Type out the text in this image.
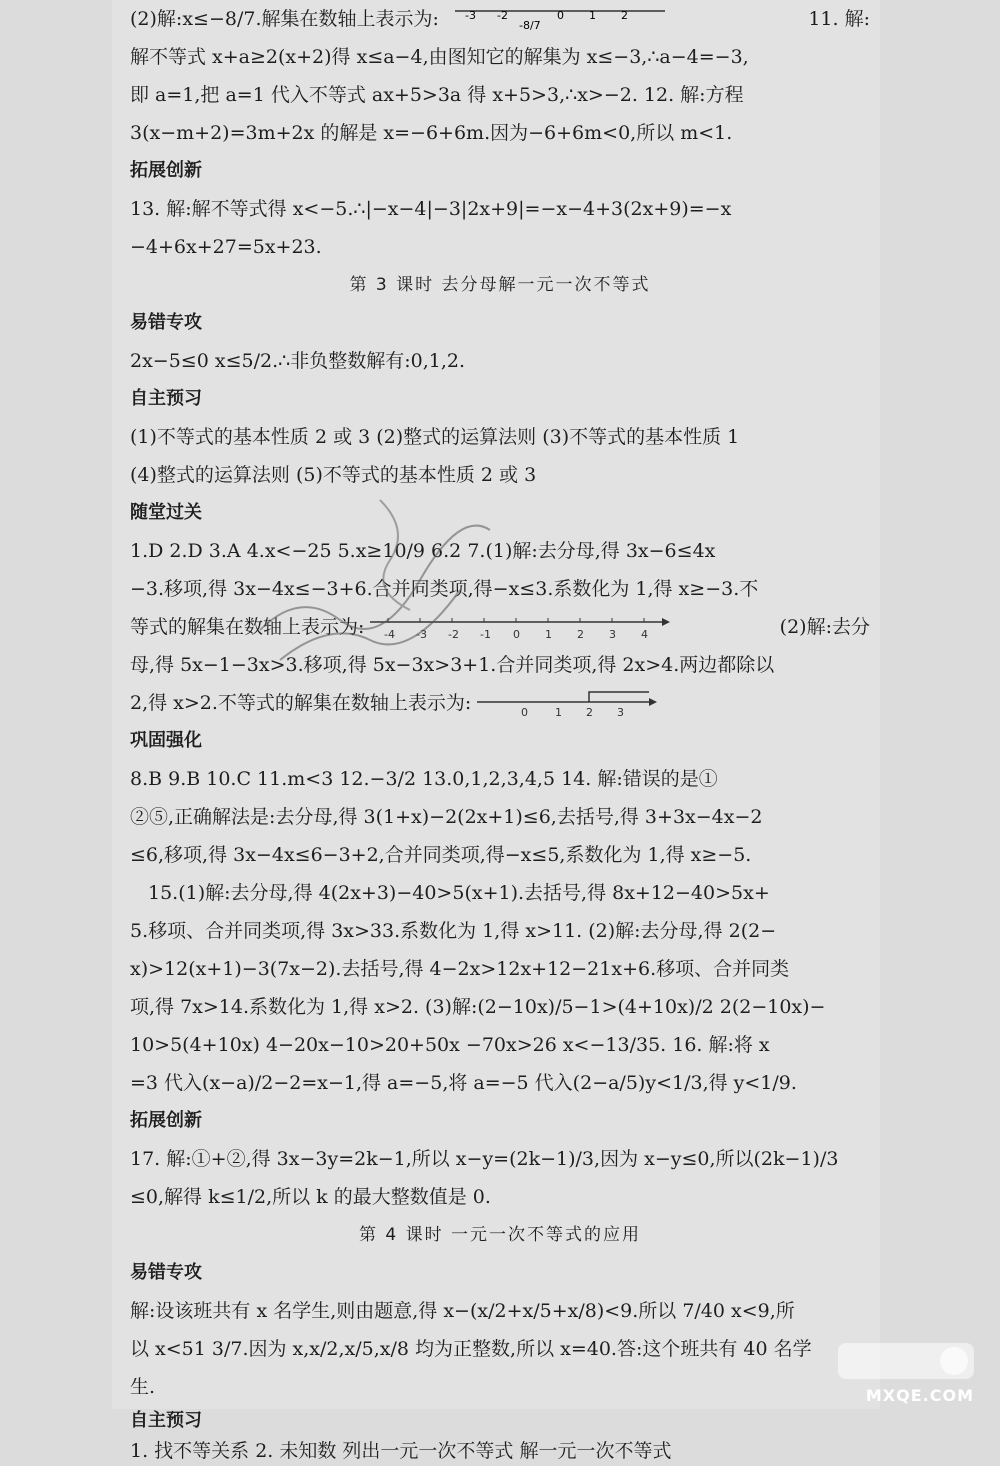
(2)解:x≤−8/7.解集在数轴上表示为: -3 -2
-8/7
0 1 2	11. 解:
解不等式 x+a≥2(x+2)得 x≤a−4,由图知它的解集为 x≤−3,∴a−4=−3,
即 a=1,把 a=1 代入不等式 ax+5>3a 得 x+5>3,∴x>−2. 12. 解:方程
3(x−m+2)=3m+2x 的解是 x=−6+6m.因为−6+6m<0,所以 m<1.
拓展创新
13. 解:解不等式得 x<−5.∴|−x−4|−3|2x+9|=−x−4+3(2x+9)=−x
−4+6x+27=5x+23.
第 3 课时 去分母解一元一次不等式
易错专攻
2x−5≤0 x≤5/2.∴非负整数解有:0,1,2.
自主预习
(1)不等式的基本性质 2 或 3 (2)整式的运算法则 (3)不等式的基本性质 1
(4)整式的运算法则 (5)不等式的基本性质 2 或 3
随堂过关
1.D 2.D 3.A 4.x<−25 5.x≥10/9 6.2 7.(1)解:去分母,得 3x−6≤4x
−3.移项,得 3x−4x≤−3+6.合并同类项,得−x≤3.系数化为 1,得 x≥−3.不
等式的解集在数轴上表示为: -4 -3 -2 -1 0 1 2 3 4	(2)解:去分
母,得 5x−1−3x>3.移项,得 5x−3x>3+1.合并同类项,得 2x>4.两边都除以
2,得 x>2.不等式的解集在数轴上表示为:	0 1 2 3
巩固强化
8.B 9.B 10.C 11.m<3 12.−3/2 13.0,1,2,3,4,5 14. 解:错误的是①
②⑤,正确解法是:去分母,得 3(1+x)−2(2x+1)≤6,去括号,得 3+3x−4x−2
≤6,移项,得 3x−4x≤6−3+2,合并同类项,得−x≤5,系数化为 1,得 x≥−5.
15.(1)解:去分母,得 4(2x+3)−40>5(x+1).去括号,得 8x+12−40>5x+
5.移项、合并同类项,得 3x>33.系数化为 1,得 x>11. (2)解:去分母,得 2(2−
x)>12(x+1)−3(7x−2).去括号,得 4−2x>12x+12−21x+6.移项、合并同类
项,得 7x>14.系数化为 1,得 x>2. (3)解:(2−10x)/5−1>(4+10x)/2 2(2−10x)−
10>5(4+10x) 4−20x−10>20+50x −70x>26 x<−13/35. 16. 解:将 x
=3 代入(x−a)/2−2=x−1,得 a=−5,将 a=−5 代入(2−a/5)y<1/3,得 y<1/9.
拓展创新
17. 解:①+②,得 3x−3y=2k−1,所以 x−y=(2k−1)/3,因为 x−y≤0,所以(2k−1)/3
≤0,解得 k≤1/2,所以 k 的最大整数值是 0.
第 4 课时 一元一次不等式的应用
易错专攻
解:设该班共有 x 名学生,则由题意,得 x−(x/2+x/5+x/8)<9.所以 7/40 x<9,所
以 x<51 3/7.因为 x,x/2,x/5,x/8 均为正整数,所以 x=40.答:这个班共有 40 名学
生.
自主预习
1. 找不等关系 2. 未知数 列出一元一次不等式 解一元一次不等式	MXQE.COM
